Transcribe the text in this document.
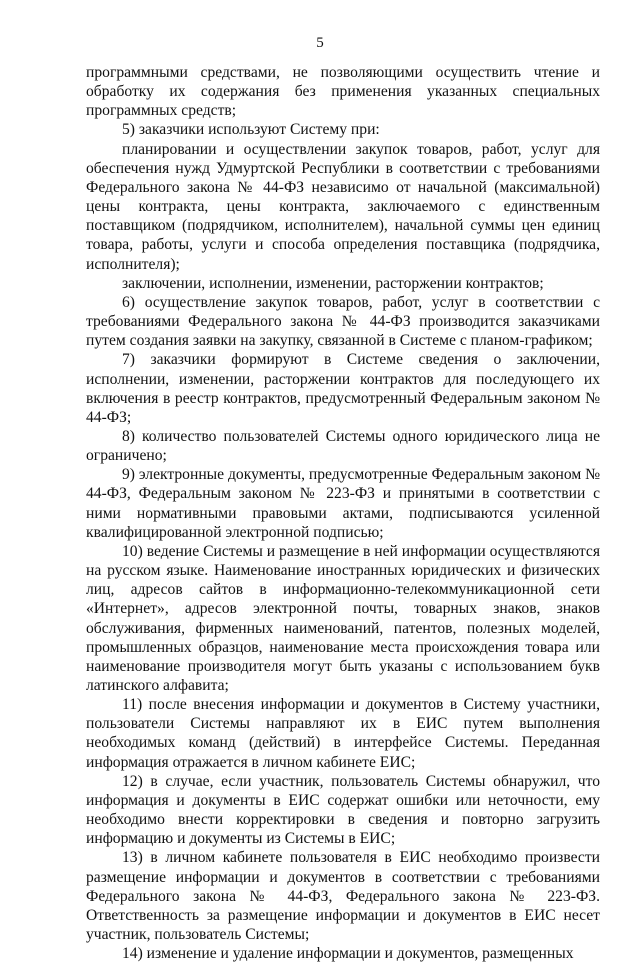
5

программными средствами, не позволяющими осуществить чтение и обработку их содержания без применения указанных специальных программных средств;

5) заказчики используют Систему при:

планировании и осуществлении закупок товаров, работ, услуг для обеспечения нужд Удмуртской Республики в соответствии с требованиями Федерального закона № 44-ФЗ независимо от начальной (максимальной) цены контракта, цены контракта, заключаемого с единственным поставщиком (подрядчиком, исполнителем), начальной суммы цен единиц товара, работы, услуги и способа определения поставщика (подрядчика, исполнителя);

заключении, исполнении, изменении, расторжении контрактов;

6) осуществление закупок товаров, работ, услуг в соответствии с требованиями Федерального закона № 44-ФЗ производится заказчиками путем создания заявки на закупку, связанной в Системе с планом-графиком;

7) заказчики формируют в Системе сведения о заключении, исполнении, изменении, расторжении контрактов для последующего их включения в реестр контрактов, предусмотренный Федеральным законом № 44-ФЗ;

8) количество пользователей Системы одного юридического лица не ограничено;

9) электронные документы, предусмотренные Федеральным законом № 44-ФЗ, Федеральным законом № 223-ФЗ и принятыми в соответствии с ними нормативными правовыми актами, подписываются усиленной квалифицированной электронной подписью;

10) ведение Системы и размещение в ней информации осуществляются на русском языке. Наименование иностранных юридических и физических лиц, адресов сайтов в информационно-телекоммуникационной сети «Интернет», адресов электронной почты, товарных знаков, знаков обслуживания, фирменных наименований, патентов, полезных моделей, промышленных образцов, наименование места происхождения товара или наименование производителя могут быть указаны с использованием букв латинского алфавита;

11) после внесения информации и документов в Систему участники, пользователи Системы направляют их в ЕИС путем выполнения необходимых команд (действий) в интерфейсе Системы. Переданная информация отражается в личном кабинете ЕИС;

12) в случае, если участник, пользователь Системы обнаружил, что информация и документы в ЕИС содержат ошибки или неточности, ему необходимо внести корректировки в сведения и повторно загрузить информацию и документы из Системы в ЕИС;

13) в личном кабинете пользователя в ЕИС необходимо произвести размещение информации и документов в соответствии с требованиями Федерального закона № 44-ФЗ, Федерального закона № 223-ФЗ. Ответственность за размещение информации и документов в ЕИС несет участник, пользователь Системы;

14) изменение и удаление информации и документов, размещенных
